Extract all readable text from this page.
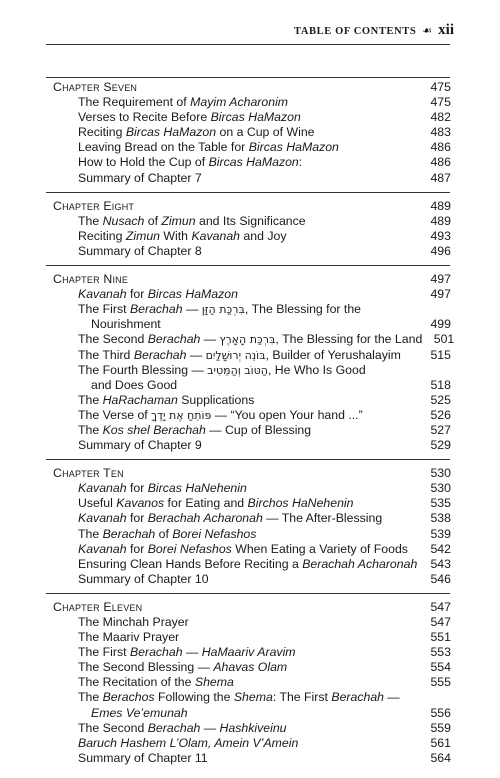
TABLE OF CONTENTS ☙ xii
Chapter Seven	475
The Requirement of Mayim Acharonim	475
Verses to Recite Before Bircas HaMazon	482
Reciting Bircas HaMazon on a Cup of Wine	483
Leaving Bread on the Table for Bircas HaMazon	486
How to Hold the Cup of Bircas HaMazon:	486
Summary of Chapter 7	487
Chapter Eight	489
The Nusach of Zimun and Its Significance	489
Reciting Zimun With Kavanah and Joy	493
Summary of Chapter 8	496
Chapter Nine	497
Kavanah for Bircas HaMazon	497
The First Berachah — בִּרְכַּת הַזָּן, The Blessing for the
Nourishment	499
The Second Berachah — בִּרְכַּת הָאָרֶץ, The Blessing for the Land 501
The Third Berachah — בּוֹנֵה יְרוּשָׁלַיִם, Builder of Yerushalayim	515
The Fourth Blessing — הַטּוֹב וְהַמֵּטִיב, He Who Is Good
and Does Good	518
The HaRachaman Supplications	525
The Verse of פּוֹתֵחַ אֶת יָדֶךָ — “You open Your hand ...”	526
The Kos shel Berachah — Cup of Blessing	527
Summary of Chapter 9	529
Chapter Ten	530
Kavanah for Bircas HaNehenin	530
Useful Kavanos for Eating and Birchos HaNehenin	535
Kavanah for Berachah Acharonah — The After-Blessing	538
The Berachah of Borei Nefashos	539
Kavanah for Borei Nefashos When Eating a Variety of Foods	542
Ensuring Clean Hands Before Reciting a Berachah Acharonah	543
Summary of Chapter 10	546
Chapter Eleven	547
The Minchah Prayer	547
The Maariv Prayer	551
The First Berachah — HaMaariv Aravim	553
The Second Blessing — Ahavas Olam	554
The Recitation of the Shema	555
The Berachos Following the Shema: The First Berachah —
Emes Ve’emunah	556
The Second Berachah — Hashkiveinu	559
Baruch Hashem L’Olam, Amein V’Amein	561
Summary of Chapter 11	564
